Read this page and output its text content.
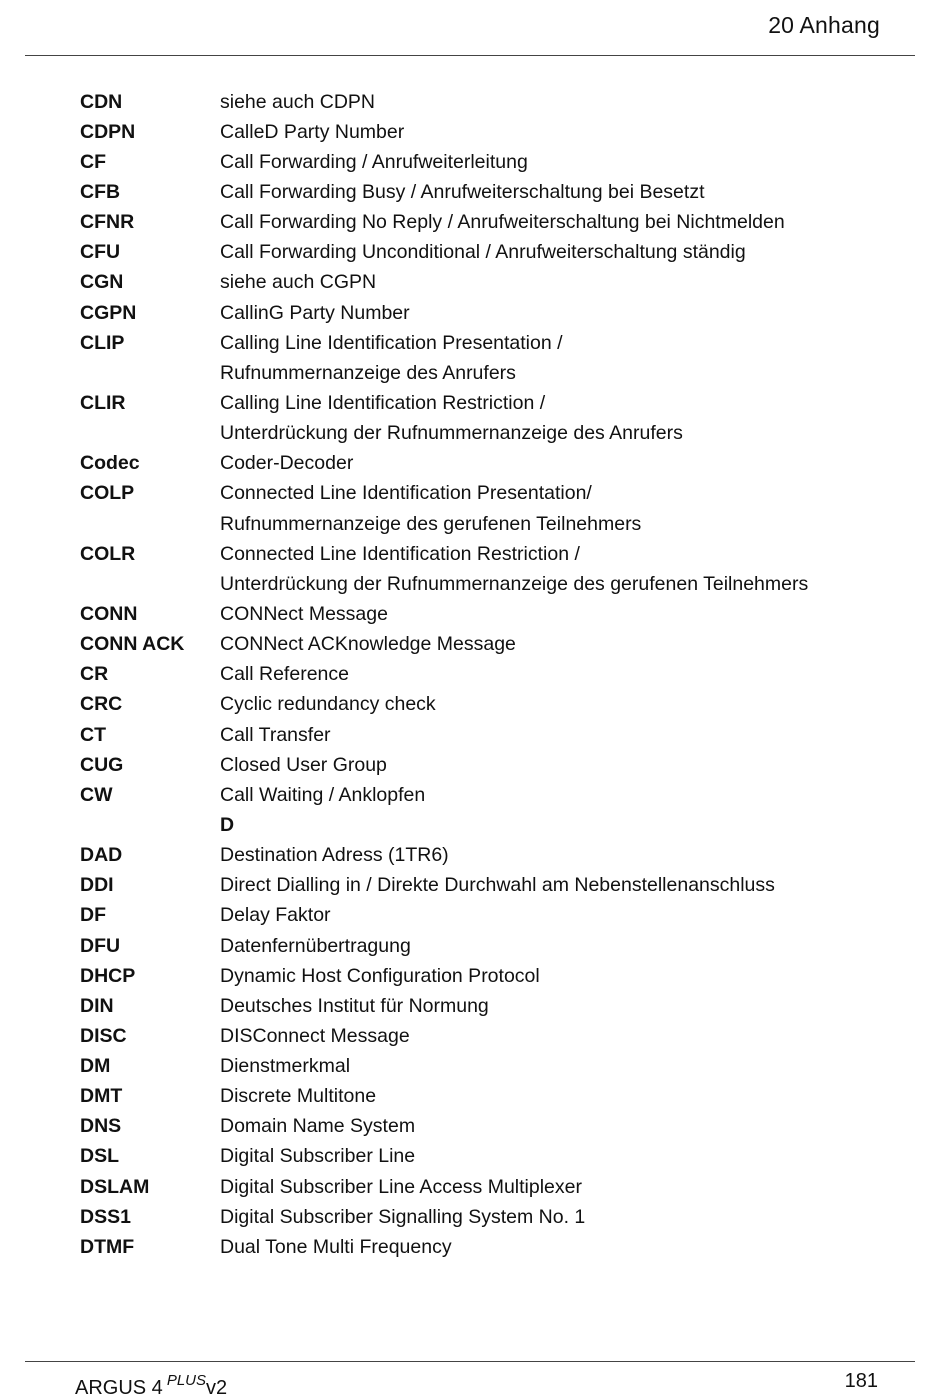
20 Anhang
CDN	siehe auch CDPN
CDPN	CalleD Party Number
CF	Call Forwarding / Anrufweiterleitung
CFB	Call Forwarding Busy / Anrufweiterschaltung bei Besetzt
CFNR	Call Forwarding No Reply / Anrufweiterschaltung bei Nichtmelden
CFU	Call Forwarding Unconditional / Anrufweiterschaltung ständig
CGN	siehe auch CGPN
CGPN	CallinG Party Number
CLIP	Calling Line Identification Presentation /
Rufnummernanzeige des Anrufers
CLIR	Calling Line Identification Restriction /
Unterdrückung der Rufnummernanzeige des Anrufers
Codec	Coder-Decoder
COLP	Connected Line Identification Presentation/
Rufnummernanzeige des gerufenen Teilnehmers
COLR	Connected Line Identification Restriction /
Unterdrückung der Rufnummernanzeige des gerufenen Teilnehmers
CONN	CONNect Message
CONN ACK	CONNect ACKnowledge Message
CR	Call Reference
CRC	Cyclic redundancy check
CT	Call Transfer
CUG	Closed User Group
CW	Call Waiting / Anklopfen
D
DAD	Destination Adress (1TR6)
DDI	Direct Dialling in / Direkte Durchwahl am Nebenstellenanschluss
DF	Delay Faktor
DFU	Datenfernübertragung
DHCP	Dynamic Host Configuration Protocol
DIN	Deutsches Institut für Normung
DISC	DISConnect Message
DM	Dienstmerkmal
DMT	Discrete Multitone
DNS	Domain Name System
DSL	Digital Subscriber Line
DSLAM	Digital Subscriber Line Access Multiplexer
DSS1	Digital Subscriber Signalling System No. 1
DTMF	Dual Tone Multi Frequency
ARGUS 4 $^{PLUS}$v2	181
